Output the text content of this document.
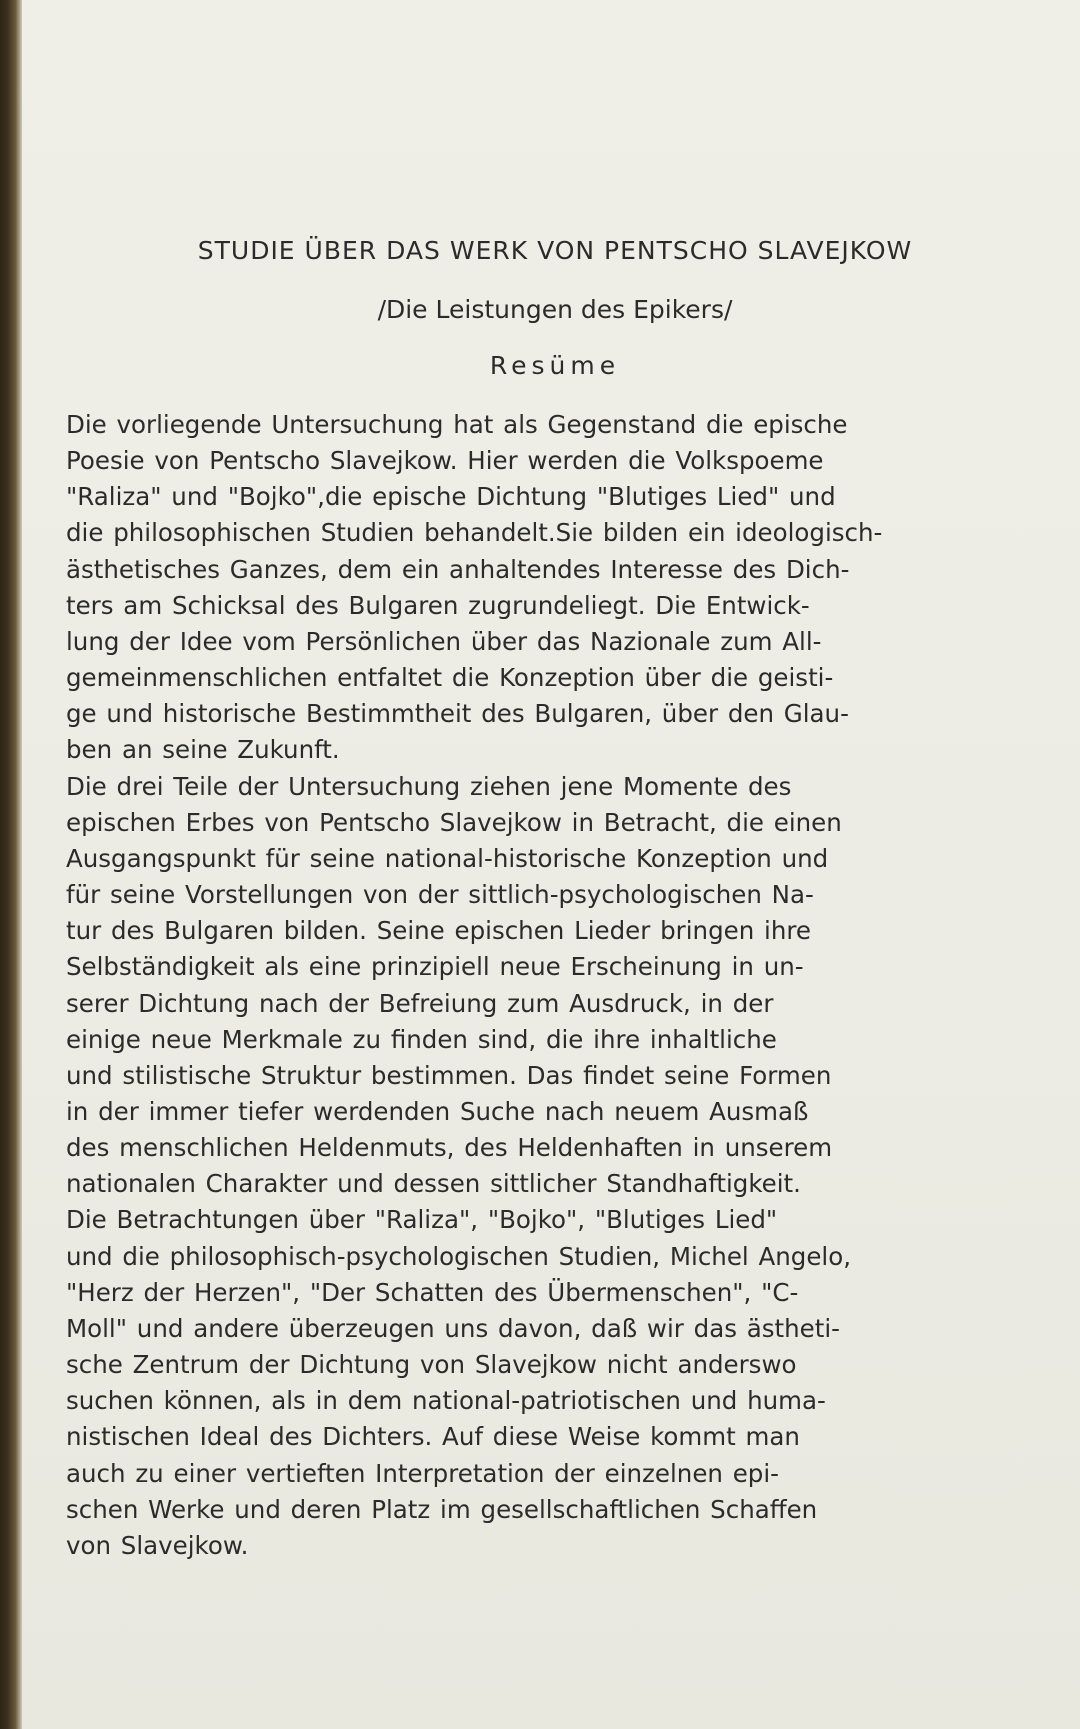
STUDIE ÜBER DAS WERK VON PENTSCHO SLAVEJKOW
/Die Leistungen des Epikers/
Resüme
Die vorliegende Untersuchung hat als Gegenstand die epische
Poesie von Pentscho Slavejkow. Hier werden die Volkspoeme
"Raliza" und "Bojko",die epische Dichtung "Blutiges Lied" und
die philosophischen Studien behandelt.Sie bilden ein ideologisch-
ästhetisches Ganzes, dem ein anhaltendes Interesse des Dich-
ters am Schicksal des Bulgaren zugrundeliegt. Die Entwick-
lung der Idee vom Persönlichen über das Nazionale zum All-
gemeinmenschlichen entfaltet die Konzeption über die geisti-
ge und historische Bestimmtheit des Bulgaren, über den Glau-
ben an seine Zukunft.
Die drei Teile der Untersuchung ziehen jene Momente des
epischen Erbes von Pentscho Slavejkow in Betracht, die einen
Ausgangspunkt für seine national-historische Konzeption und
für seine Vorstellungen von der sittlich-psychologischen Na-
tur des Bulgaren bilden. Seine epischen Lieder bringen ihre
Selbständigkeit als eine prinzipiell neue Erscheinung in un-
serer Dichtung nach der Befreiung zum Ausdruck, in der
einige neue Merkmale zu finden sind, die ihre inhaltliche
und stilistische Struktur bestimmen. Das findet seine Formen
in der immer tiefer werdenden Suche nach neuem Ausmaß
des menschlichen Heldenmuts, des Heldenhaften in unserem
nationalen Charakter und dessen sittlicher Standhaftigkeit.
Die Betrachtungen über "Raliza", "Bojko", "Blutiges Lied"
und die philosophisch-psychologischen Studien, Michel Angelo,
"Herz der Herzen", "Der Schatten des Übermenschen", "C-
Moll" und andere überzeugen uns davon, daß wir das ästheti-
sche Zentrum der Dichtung von Slavejkow nicht anderswo
suchen können, als in dem national-patriotischen und huma-
nistischen Ideal des Dichters. Auf diese Weise kommt man
auch zu einer vertieften Interpretation der einzelnen epi-
schen Werke und deren Platz im gesellschaftlichen Schaffen
von Slavejkow.
